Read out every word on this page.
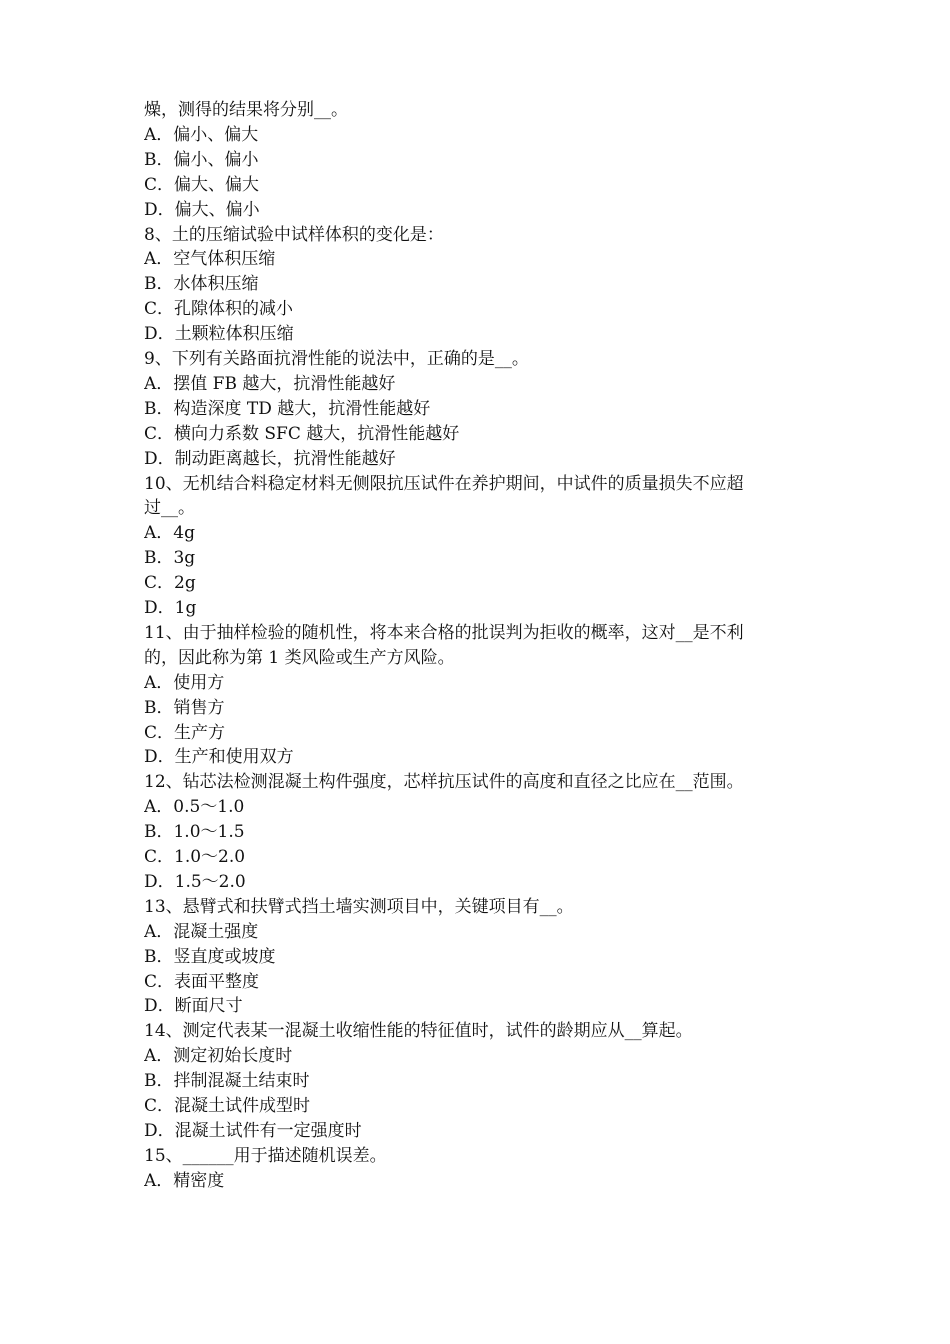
燥，测得的结果将分别__。
A．偏小、偏大
B．偏小、偏小
C．偏大、偏大
D．偏大、偏小
8、土的压缩试验中试样体积的变化是：
A．空气体积压缩
B．水体积压缩
C．孔隙体积的减小
D．土颗粒体积压缩
9、下列有关路面抗滑性能的说法中，正确的是__。
A．摆值 FB 越大，抗滑性能越好
B．构造深度 TD 越大，抗滑性能越好
C．横向力系数 SFC 越大，抗滑性能越好
D．制动距离越长，抗滑性能越好
10、无机结合料稳定材料无侧限抗压试件在养护期间，中试件的质量损失不应超
过__。
A．4g
B．3g
C．2g
D．1g
11、由于抽样检验的随机性，将本来合格的批误判为拒收的概率，这对__是不利
的，因此称为第 1 类风险或生产方风险。
A．使用方
B．销售方
C．生产方
D．生产和使用双方
12、钻芯法检测混凝土构件强度，芯样抗压试件的高度和直径之比应在__范围。
A．0.5～1.0
B．1.0～1.5
C．1.0～2.0
D．1.5～2.0
13、悬臂式和扶臂式挡土墙实测项目中，关键项目有__。
A．混凝土强度
B．竖直度或坡度
C．表面平整度
D．断面尺寸
14、测定代表某一混凝土收缩性能的特征值时，试件的龄期应从__算起。
A．测定初始长度时
B．拌制混凝土结束时
C．混凝土试件成型时
D．混凝土试件有一定强度时
15、______用于描述随机误差。
A．精密度
